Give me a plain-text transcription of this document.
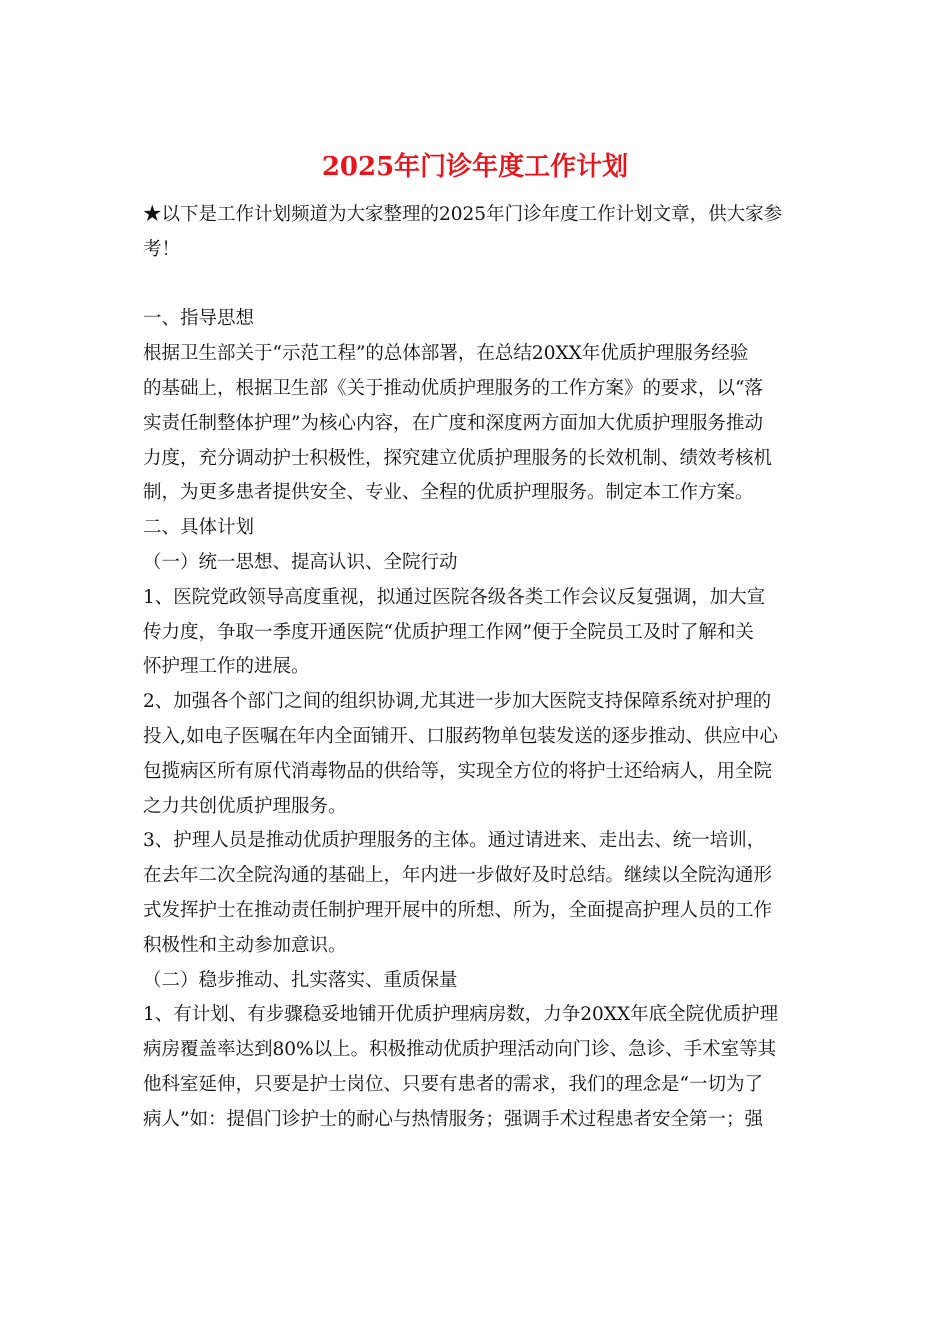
2025年门诊年度工作计划
★以下是工作计划频道为大家整理的2025年门诊年度工作计划文章，供大家参
考！
一、指导思想
根据卫生部关于“示范工程”的总体部署，在总结20XX年优质护理服务经验
的基础上，根据卫生部《关于推动优质护理服务的工作方案》的要求，以“落
实责任制整体护理”为核心内容，在广度和深度两方面加大优质护理服务推动
力度，充分调动护士积极性，探究建立优质护理服务的长效机制、绩效考核机
制，为更多患者提供安全、专业、全程的优质护理服务。制定本工作方案。
二、具体计划
（一）统一思想、提高认识、全院行动
1、医院党政领导高度重视，拟通过医院各级各类工作会议反复强调，加大宣
传力度，争取一季度开通医院“优质护理工作网”便于全院员工及时了解和关
怀护理工作的进展。
2、加强各个部门之间的组织协调,尤其进一步加大医院支持保障系统对护理的
投入,如电子医嘱在年内全面铺开、口服药物单包装发送的逐步推动、供应中心
包揽病区所有原代消毒物品的供给等，实现全方位的将护士还给病人，用全院
之力共创优质护理服务。
3、护理人员是推动优质护理服务的主体。通过请进来、走出去、统一培训，
在去年二次全院沟通的基础上，年内进一步做好及时总结。继续以全院沟通形
式发挥护士在推动责任制护理开展中的所想、所为，全面提高护理人员的工作
积极性和主动参加意识。
（二）稳步推动、扎实落实、重质保量
1、有计划、有步骤稳妥地铺开优质护理病房数，力争20XX年底全院优质护理
病房覆盖率达到80%以上。积极推动优质护理活动向门诊、急诊、手术室等其
他科室延伸，只要是护士岗位、只要有患者的需求，我们的理念是“一切为了
病人”如：提倡门诊护士的耐心与热情服务；强调手术过程患者安全第一；强
